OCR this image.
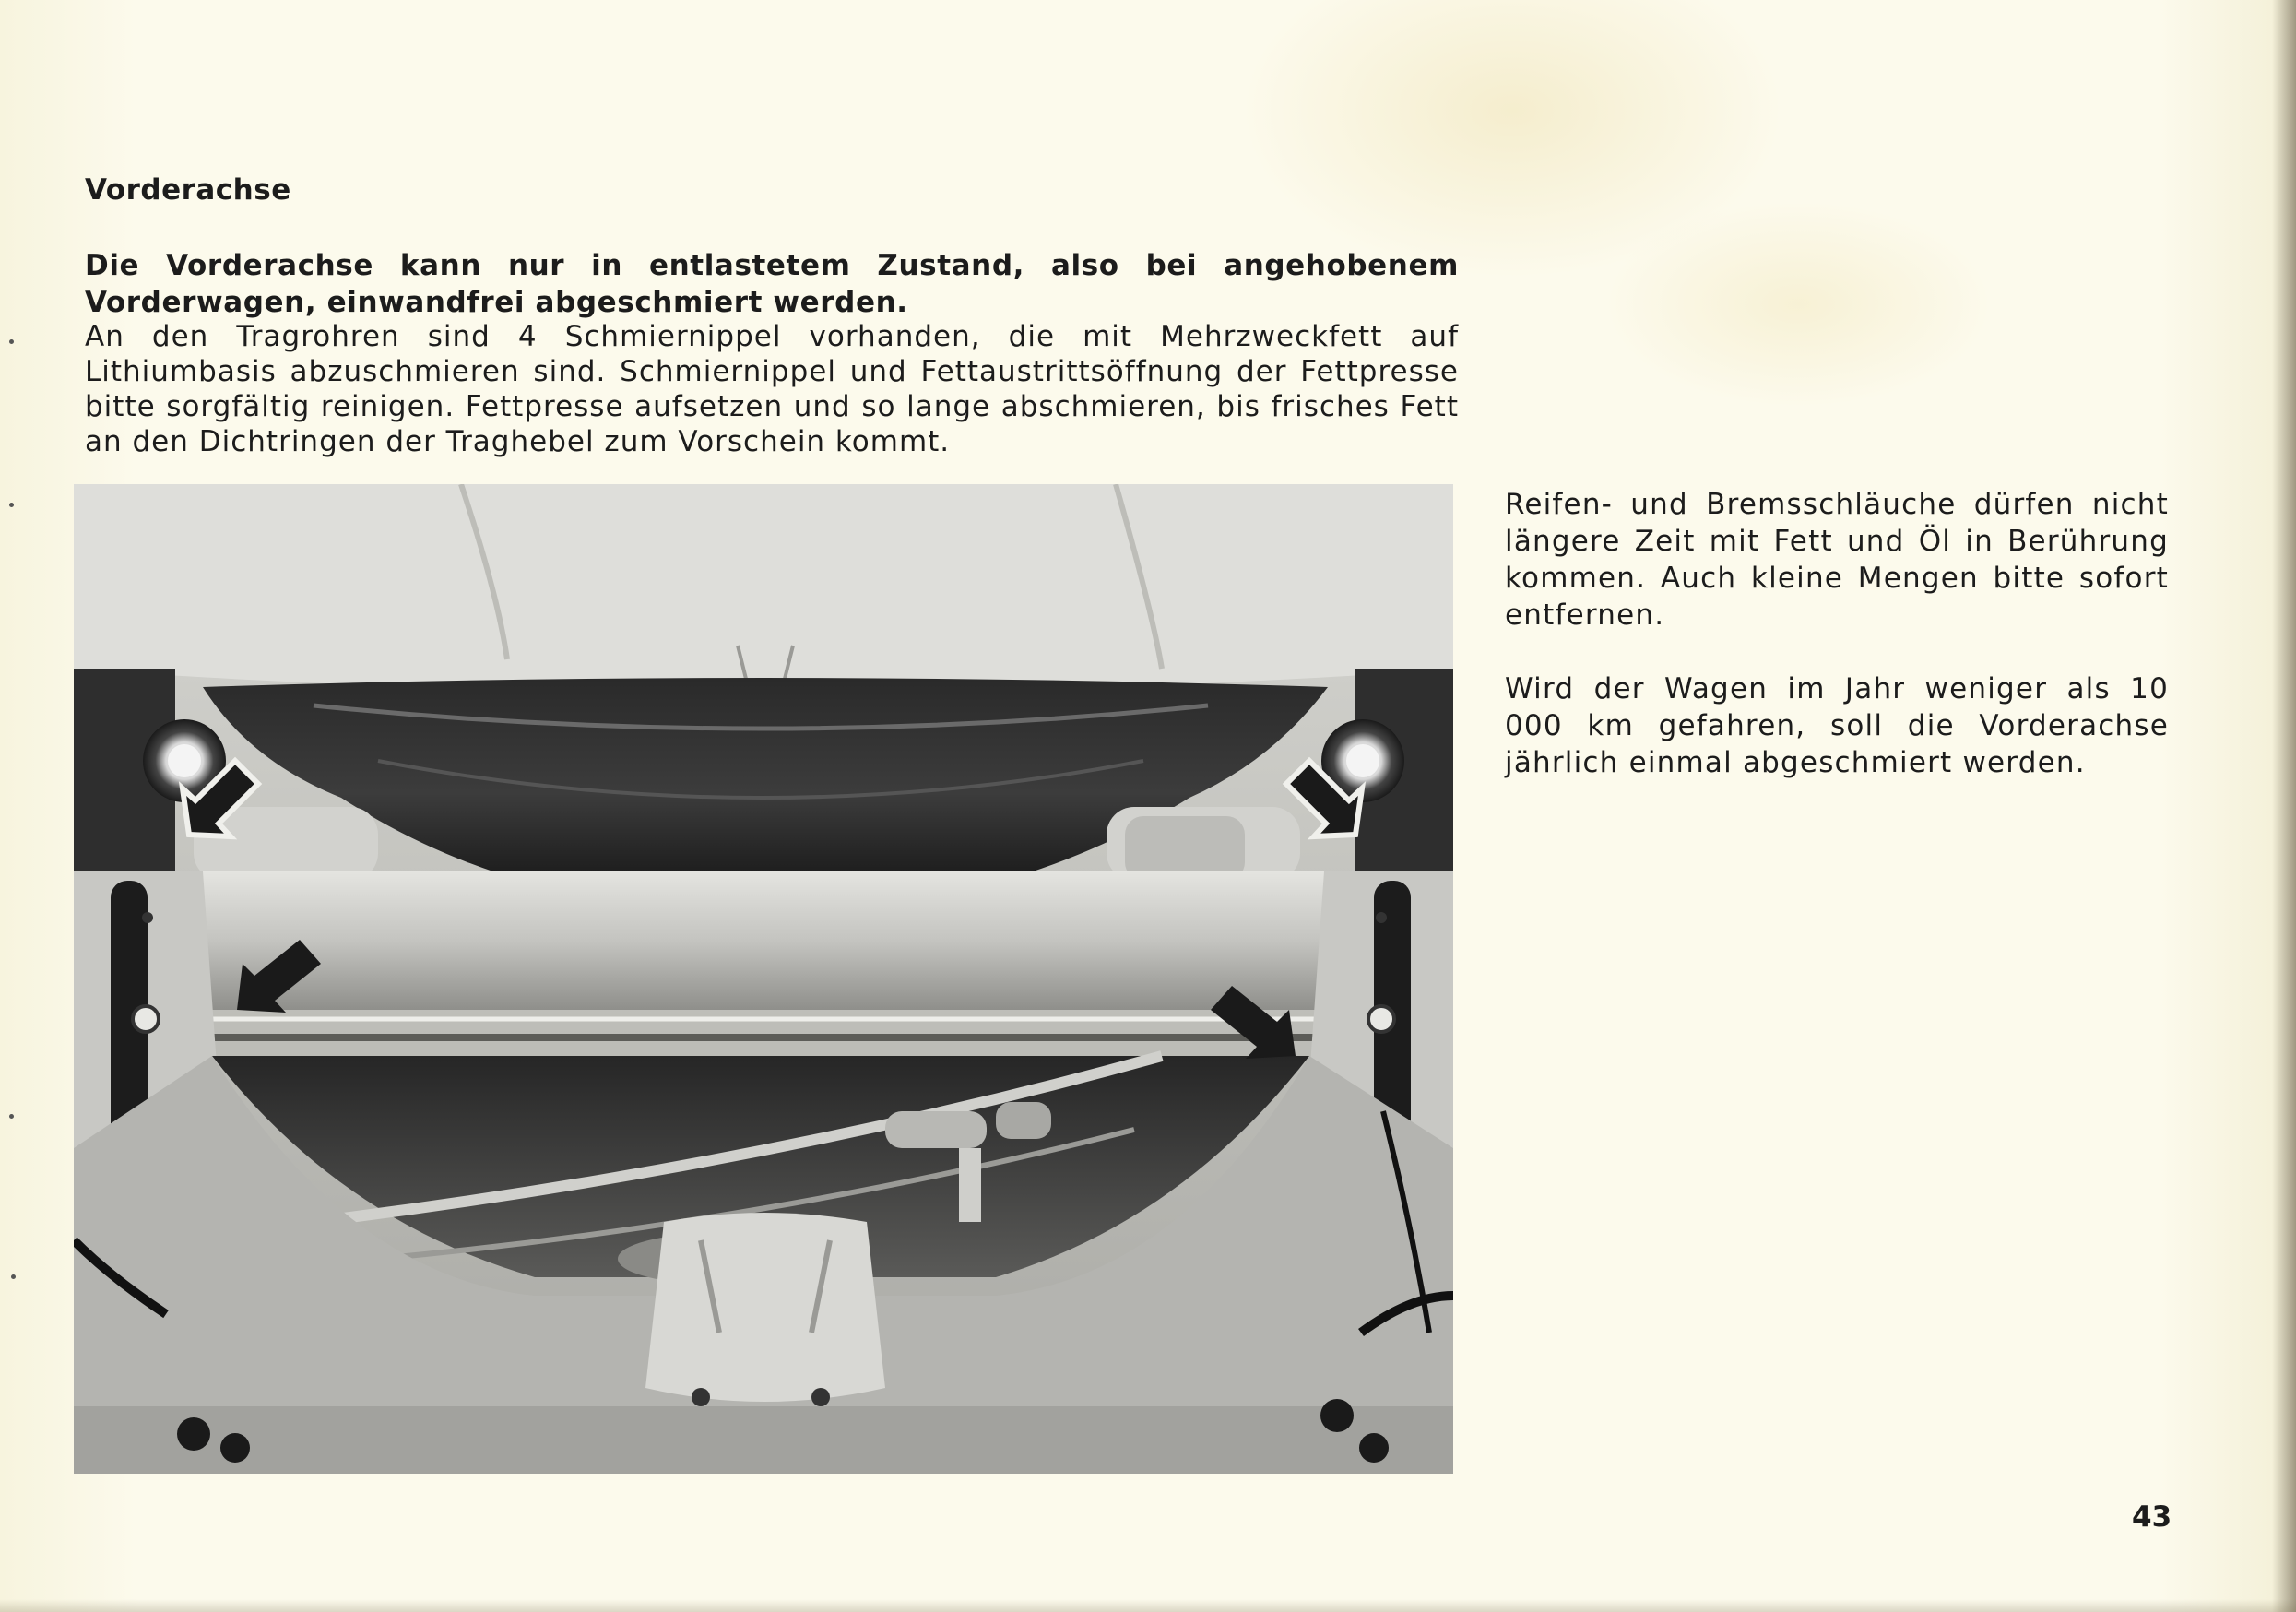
Vorderachse

Die Vorderachse kann nur in entlastetem Zustand, also bei angehobenem Vorderwagen, einwandfrei abgeschmiert werden.

An den Tragrohren sind 4 Schmiernippel vorhanden, die mit Mehrzweckfett auf Lithiumbasis abzuschmieren sind. Schmiernippel und Fettaustrittsöffnung der Fettpresse bitte sorgfältig reinigen. Fettpresse aufsetzen und so lange abschmieren, bis frisches Fett an den Dichtringen der Traghebel zum Vorschein kommt.

Reifen- und Bremsschläuche dürfen nicht längere Zeit mit Fett und Öl in Berührung kommen. Auch kleine Mengen bitte sofort entfernen.

Wird der Wagen im Jahr weniger als 10 000 km gefahren, soll die Vorderachse jährlich einmal abgeschmiert werden.

43
